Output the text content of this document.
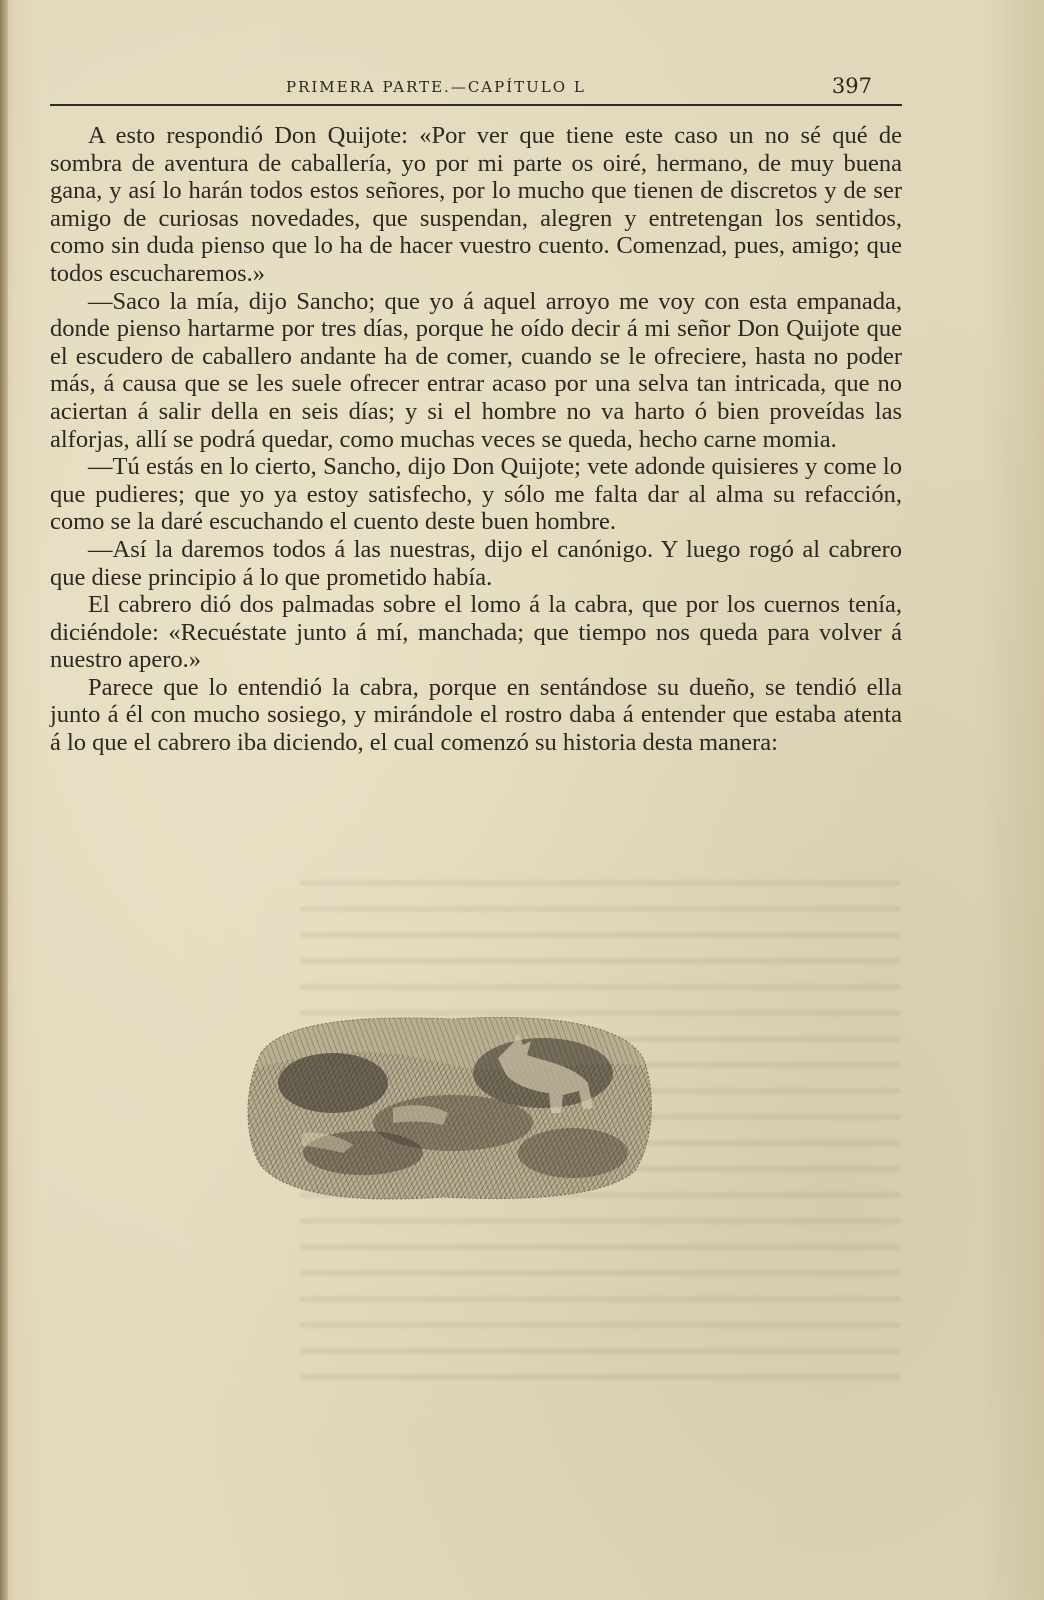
PRIMERA PARTE.—CAPÍTULO L	397

A esto respondió Don Quijote: «Por ver que tiene este caso un no sé qué de sombra de aventura de caballería, yo por mi parte os oiré, hermano, de muy buena gana, y así lo harán todos estos señores, por lo mucho que tienen de discretos y de ser amigo de curiosas novedades, que suspendan, alegren y entretengan los sentidos, como sin duda pienso que lo ha de hacer vuestro cuento. Comenzad, pues, amigo; que todos escucharemos.»

—Saco la mía, dijo Sancho; que yo á aquel arroyo me voy con esta empanada, donde pienso hartarme por tres días, porque he oído decir á mi señor Don Quijote que el escudero de caballero andante ha de comer, cuando se le ofreciere, hasta no poder más, á causa que se les suele ofrecer entrar acaso por una selva tan intricada, que no aciertan á salir della en seis días; y si el hombre no va harto ó bien proveídas las alforjas, allí se podrá quedar, como muchas veces se queda, hecho carne momia.

—Tú estás en lo cierto, Sancho, dijo Don Quijote; vete adonde quisieres y come lo que pudieres; que yo ya estoy satisfecho, y sólo me falta dar al alma su refacción, como se la daré escuchando el cuento deste buen hombre.

—Así la daremos todos á las nuestras, dijo el canónigo. Y luego rogó al cabrero que diese principio á lo que prometido había.

El cabrero dió dos palmadas sobre el lomo á la cabra, que por los cuernos tenía, diciéndole: «Recuéstate junto á mí, manchada; que tiempo nos queda para volver á nuestro apero.»

Parece que lo entendió la cabra, porque en sentándose su dueño, se tendió ella junto á él con mucho sosiego, y mirándole el rostro daba á entender que estaba atenta á lo que el cabrero iba diciendo, el cual comenzó su historia desta manera:
